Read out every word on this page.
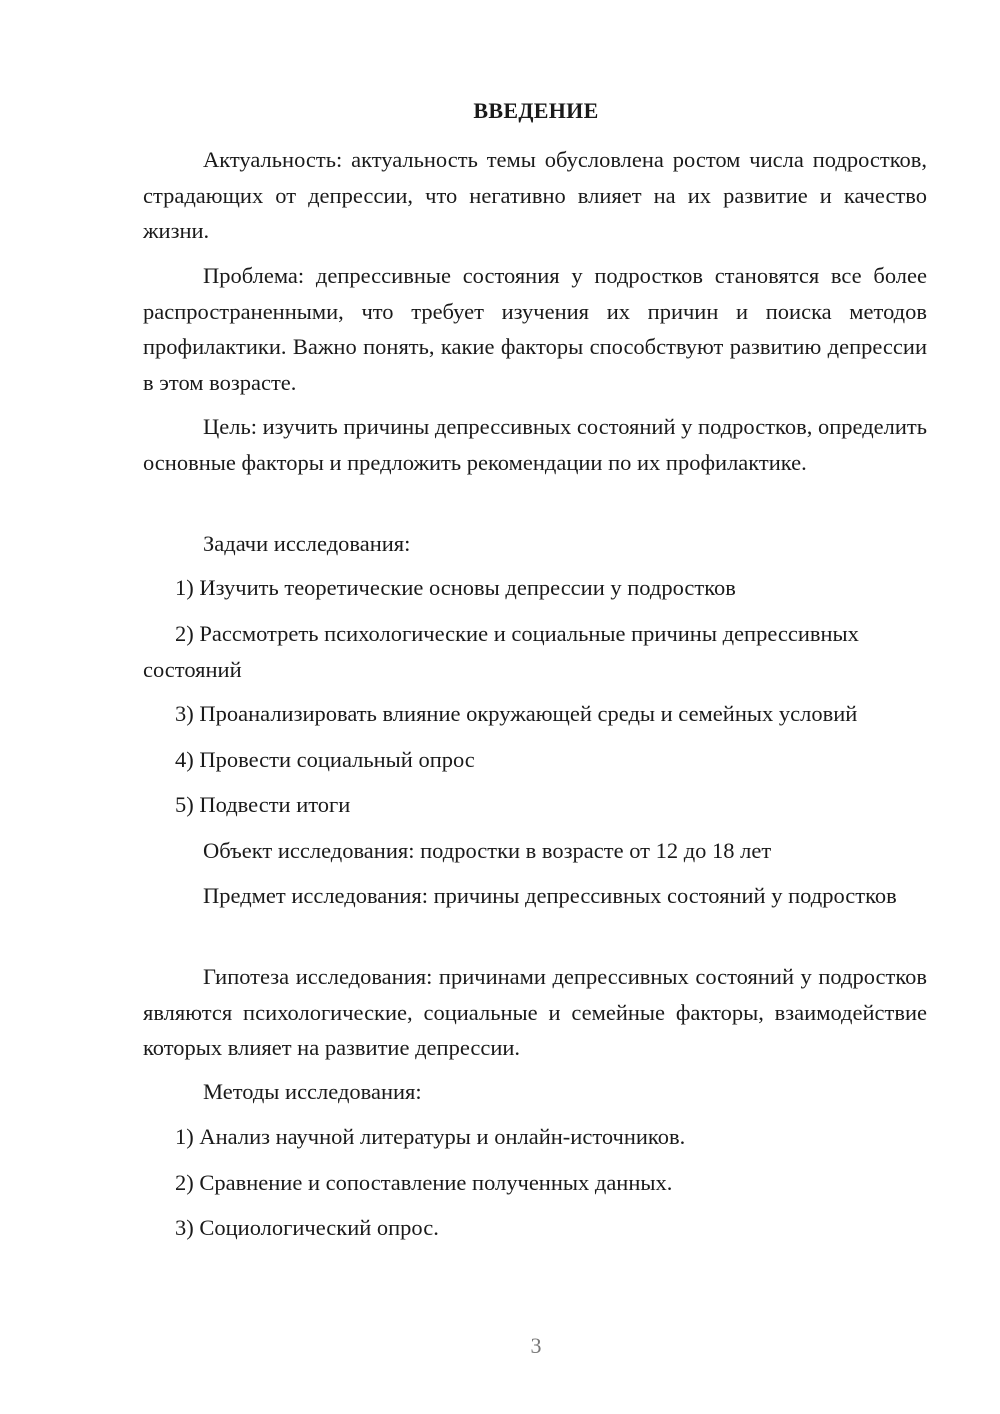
ВВЕДЕНИЕ

Актуальность: актуальность темы обусловлена ростом числа подростков, страдающих от депрессии, что негативно влияет на их развитие и качество жизни.

Проблема: депрессивные состояния у подростков становятся все более распространенными, что требует изучения их причин и поиска методов профилактики. Важно понять, какие факторы способствуют развитию депрессии в этом возрасте.

Цель: изучить причины депрессивных состояний у подростков, определить основные факторы и предложить рекомендации по их профилактике.

Задачи исследования:

1) Изучить теоретические основы депрессии у подростков

2) Рассмотреть психологические и социальные причины депрессивных состояний

3) Проанализировать влияние окружающей среды и семейных условий

4) Провести социальный опрос

5) Подвести итоги

Объект исследования: подростки в возрасте от 12 до 18 лет

Предмет исследования: причины депрессивных состояний у подростков

Гипотеза исследования: причинами депрессивных состояний у подростков являются психологические, социальные и семейные факторы, взаимодействие которых влияет на развитие депрессии.

Методы исследования:

1) Анализ научной литературы и онлайн-источников.

2) Сравнение и сопоставление полученных данных.

3) Социологический опрос.

3
